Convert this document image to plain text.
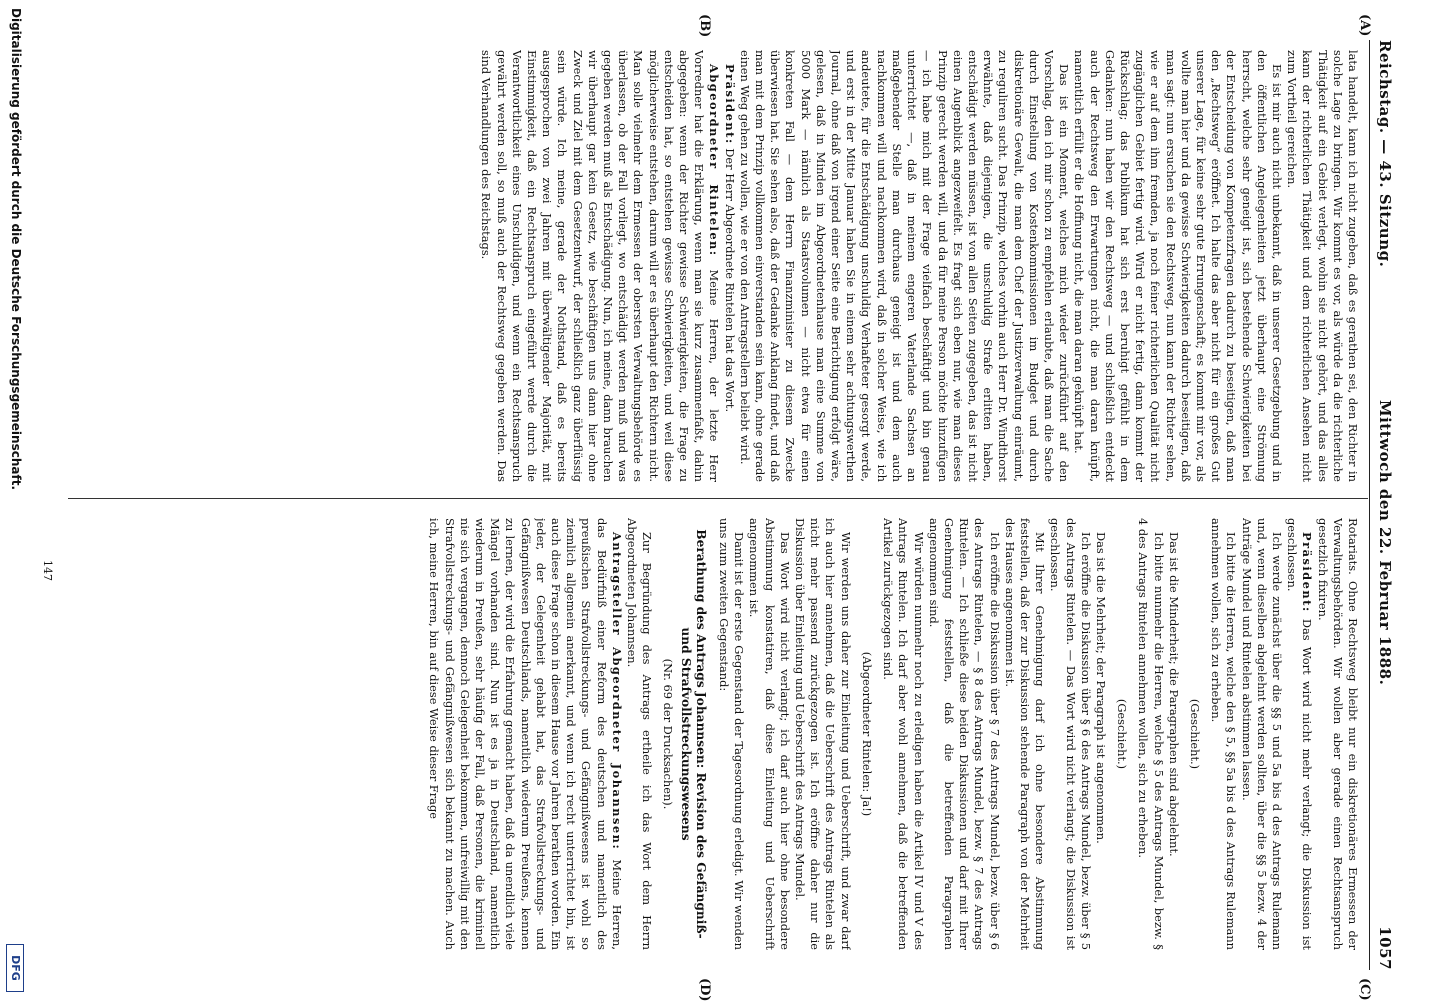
Reichstag. — 43. Sitzung.
Mittwoch den 22. Februar 1888.
1057
(A)
(B)
(C)
(D)

lata handelt, kann ich nicht zugeben, daß es gerathen sei, den Richter in solche Lage zu bringen. Wir kommt es vor, als würde da die richterliche Thätigkeit auf ein Gebiet verlegt, wohin sie nicht gehört, und das alles kann der richterlichen Thätigkeit und dem richterlichen Ansehen nicht zum Vortheil gereichen.

Es ist mir auch nicht unbekannt, daß in unserer Gesetzgebung und in den öffentlichen Angelegenheiten jetzt überhaupt eine Strömung herrscht, welche sehr geneigt ist, sich bestehende Schwierigkeiten bei der Entscheidung von Kompetenzfragen dadurch zu beseitigen, daß man den „Rechtsweg“ eröffnet. Ich halte das aber nicht für ein großes Gut unserer Lage, für keine sehr gute Errungenschaft; es kommt mir vor, als wollte man hier und da gewisse Schwierigkeiten dadurch beseitigen, daß man sagt: nun ersuchen sie den Rechtsweg, nun kann der Richter sehen, wie er auf dem ihm fremden, ja noch feiner richterlichen Qualität nicht zugänglichen Gebiet fertig wird. Wird er nicht fertig, dann kommt der Rückschlag; das Publikum hat sich erst beruhigt gefühlt in dem Gedanken: nun haben wir den Rechtsweg — und schließlich entdeckt auch der Rechtsweg den Erwartungen nicht, die man daran knüpft, namentlich erfüllt er die Hoffnung nicht, die man daran geknüpft hat.

Das ist ein Moment, welches mich wieder zurückführt auf den Vorschlag, den ich mir schon zu empfehlen erlaubte, daß man die Sache durch Einstellung von Kostenkommissionen im Budget und durch diskretionäre Gewalt, die man dem Chef der Justizverwaltung einräumt, zu reguliren sucht. Das Prinzip, welches vorhin auch Herr Dr. Windthorst erwähnte, daß diejenigen, die unschuldig Strafe erlitten haben, entschädigt werden müssen, ist von allen Seiten zugegeben, das ist nicht einen Augenblick angezweifelt. Es fragt sich eben nur, wie man dieses Prinzip gerecht werden will, und da für meine Person möchte hinzufügen — ich habe mich mit der Frage vielfach beschäftigt und bin genau unterrichtet —, daß in meinem engeren Vaterlande Sachsen an maßgebender Stelle man durchaus geneigt ist und dem auch nachkommen will und nachkommen wird, daß in solcher Weise, wie ich andeutete, für die Entschädigung unschuldig Verhafteter gesorgt werde, und erst in der Mitte Januar haben Sie in einem sehr achtungswerthen Journal, ohne daß von irgend einer Seite eine Berichtigung erfolgt wäre, gelesen, daß in Minden im Abgeordnetenhause man eine Summe von 5000 Mark — nämlich als Staatsvolumen — nicht etwa für einen konkreten Fall — dem Herrn Finanzminister zu diesem Zwecke überwiesen hat. Sie sehen also, daß der Gedanke Anklang findet, und daß man mit dem Prinzip vollkommen einverstanden sein kann, ohne gerade einen Weg gehen zu wollen, wie er von den Antragstellern beliebt wird.

Präsident: Der Herr Abgeordnete Rintelen hat das Wort.

Abgeordneter Rintelen: Meine Herren, der letzte Herr Vorredner hat die Erklärung, wenn man sie kurz zusammenfaßt, dahin abgegeben: wenn der Richter gewisse Schwierigkeiten, die Frage zu entscheiden hat, so entstehen gewisse Schwierigkeiten, und weil diese möglicherweise entstehen, darum will er es überhaupt den Richtern nicht. Man solle vielmehr dem Ermessen der obersten Verwaltungsbehörde es überlassen, ob der Fall vorliegt, wo entschädigt werden muß und was gegeben werden muß als Entschädigung. Nun, ich meine, dann brauchen wir überhaupt gar kein Gesetz, wie beschäftigen uns dann hier ohne Zweck und Ziel mit dem Gesetzentwurf, der schließlich ganz überflüssig sein würde. Ich meine, gerade der Nothstand, daß es bereits ausgesprochen von zwei Jahren mit überwältigender Majorität, mit Einstimmigkeit, daß ein Rechtsanspruch eingeführt werde durch die Verantwortlichkeit eines Unschuldigen, und wenn ein Rechtsanspruch gewährt werden soll, so muß auch der Rechtsweg gegeben werden. Das sind Verhandlungen des Reichstags.

Rotariats. Ohne Rechtsweg bleibt nur ein diskretionäres Ermessen der Verwaltungsbehörden. Wir wollen aber gerade einen Rechtsanspruch gesetzlich fixiren.

Präsident: Das Wort wird nicht mehr verlangt; die Diskussion ist geschlossen.

Ich werde zunächst über die §§ 5 und 5a bis d des Antrags Rulemann und, wenn dieselben abgelehnt werden sollten, über die §§ 5 bezw. 4 der Anträge Mundel und Rintelen abstimmen lassen.

Ich bitte die Herren, welche den § 5, §§ 5a bis d des Antrags Rulemann annehmen wollen, sich zu erheben.

(Geschieht.)

Das ist die Minderheit; die Paragraphen sind abgelehnt.

Ich bitte nunmehr die Herren, welche § 5 des Antrags Mundel, bezw. § 4 des Antrags Rintelen annehmen wollen, sich zu erheben.

(Geschieht.)

Das ist die Mehrheit; der Paragraph ist angenommen.

Ich eröffne die Diskussion über § 6 des Antrags Mundel, bezw. über § 5 des Antrags Rintelen. — Das Wort wird nicht verlangt; die Diskussion ist geschlossen.

Mit Ihrer Genehmigung darf ich ohne besondere Abstimmung feststellen, daß der zur Diskussion stehende Paragraph von der Mehrheit des Hauses angenommen ist.

Ich eröffne die Diskussion über § 7 des Antrags Mundel, bezw. über § 6 des Antrags Rintelen, — § 8 des Antrags Mundel, bezw. § 7 des Antrags Rintelen. — Ich schließe diese beiden Diskussionen und darf mit Ihrer Genehmigung feststellen, daß die betreffenden Paragraphen angenommen sind.

Wir würden nunmehr noch zu erledigen haben die Artikel IV und V des Antrags Rintelen. Ich darf aber wohl annehmen, daß die betreffenden Artikel zurückgezogen sind.

(Abgeordneter Rintelen: Ja!)

Wir werden uns daher zur Einleitung und Ueberschrift, und zwar darf ich auch hier annehmen, daß die Ueberschrift des Antrags Rintelen als nicht mehr passend zurückgezogen ist. Ich eröffne daher nur die Diskussion über Einleitung und Ueberschrift des Antrags Mundel.

Das Wort wird nicht verlangt; ich darf auch hier ohne besondere Abstimmung konstatiren, daß diese Einleitung und Ueberschrift angenommen ist.

Damit ist der erste Gegenstand der Tagesordnung erledigt. Wir wenden uns zum zweiten Gegenstand:

Berathung des Antrags Johannsen: Revision des Gefängniß- und Strafvollstreckungswesens

(Nr. 69 der Drucksachen).

Zur Begründung des Antrags ertheile ich das Wort dem Herrn Abgeordneten Johannsen.

Antragsteller Abgeordneter Johannsen: Meine Herren, das Bedürfniß einer Reform des deutschen und namentlich des preußischen Strafvollstreckungs- und Gefängnißwesens ist wohl so ziemlich allgemein anerkannt, und wenn ich recht unterrichtet bin, ist auch diese Frage schon in diesem Hause vor Jahren berathen worden. Ein jeder, der Gelegenheit gehabt hat, das Strafvollstreckungs- und Gefängnißwesen Deutschlands, namentlich wiederum Preußens, kennen zu lernen, der wird die Erfahrung gemacht haben, daß da unendlich viele Mängel vorhanden sind. Nun ist es ja in Deutschland, namentlich wiederum in Preußen, sehr häufig der Fall, daß Personen, die kriminell nie sich vergangen, dennoch Gelegenheit bekommen, unfreiwillig mit den Strafvollstreckungs- und Gefängnißwesen sich bekannt zu machen. Auch ich, meine Herren, bin auf diese Weise dieser Frage

147
Digitalisierung gefördert durch die Deutsche Forschungsgemeinschaft.
DFG
